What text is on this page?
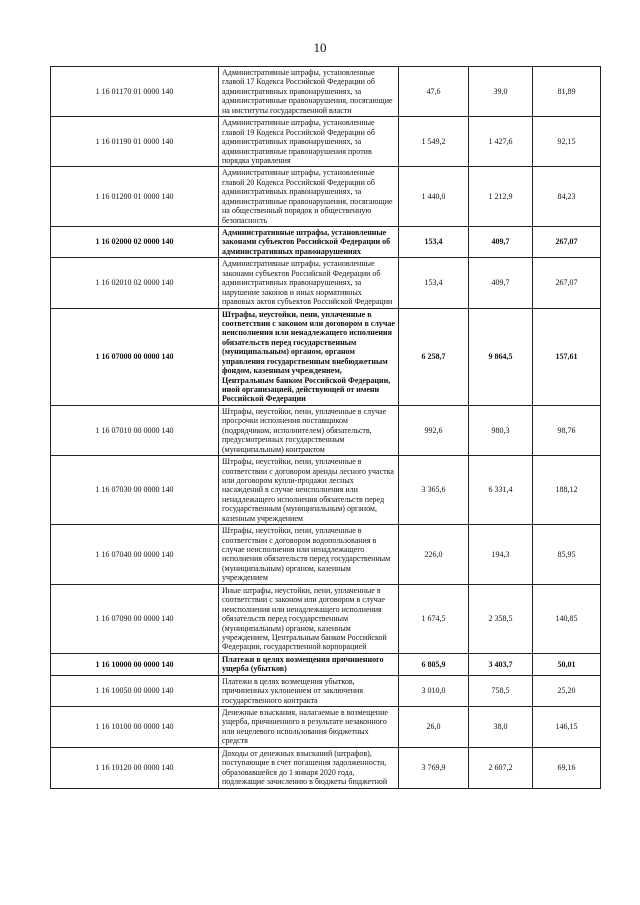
10
1 16 01170 01 0000 140	Административные штрафы, установленные главой 17 Кодекса Российской Федерации об административных правонарушениях, за административные правонарушения, посягающие на институты государственной власти	47,6	39,0	81,89
1 16 01190 01 0000 140	Административные штрафы, установленные главой 19 Кодекса Российской Федерации об административных правонарушениях, за административные правонарушения против порядка управления	1 549,2	1 427,6	92,15
1 16 01200 01 0000 140	Административные штрафы, установленные главой 20 Кодекса Российской Федерации об административных правонарушениях, за административные правонарушения, посягающие на общественный порядок и общественную безопасность	1 440,0	1 212,9	84,23
1 16 02000 02 0000 140	Административные штрафы, установленные законами субъектов Российской Федерации об административных правонарушениях	153,4	409,7	267,07
1 16 02010 02 0000 140	Административные штрафы, установленные законами субъектов Российской Федерации об административных правонарушениях, за нарушение законов и иных нормативных правовых актов субъектов Российской Федерации	153,4	409,7	267,07
1 16 07000 00 0000 140	Штрафы, неустойки, пени, уплаченные в соответствии с законом или договором в случае неисполнения или ненадлежащего исполнения обязательств перед государственным (муниципальным) органом, органом управления государственным внебюджетным фондом, казенным учреждением, Центральным банком Российской Федерации, иной организацией, действующей от имени Российской Федерации	6 258,7	9 864,5	157,61
1 16 07010 00 0000 140	Штрафы, неустойки, пени, уплаченные в случае просрочки исполнения поставщиком (подрядчиком, исполнителем) обязательств, предусмотренных государственным (муниципальным) контрактом	992,6	980,3	98,76
1 16 07030 00 0000 140	Штрафы, неустойки, пени, уплаченные в соответствии с договором аренды лесного участка или договором купли-продажи лесных насаждений в случае неисполнения или ненадлежащего исполнения обязательств перед государственным (муниципальным) органом, казенным учреждением	3 365,6	6 331,4	188,12
1 16 07040 00 0000 140	Штрафы, неустойки, пени, уплаченные в соответствии с договором водопользования в случае неисполнения или ненадлежащего исполнения обязательств перед государственным (муниципальным) органом, казенным учреждением	226,0	194,3	85,95
1 16 07090 00 0000 140	Иные штрафы, неустойки, пени, уплаченные в соответствии с законом или договором в случае неисполнения или ненадлежащего исполнения обязательств перед государственным (муниципальным) органом, казенным учреждением, Центральным банком Российской Федерации, государственной корпорацией	1 674,5	2 358,5	140,85
1 16 10000 00 0000 140	Платежи в целях возмещения причиненного ущерба (убытков)	6 805,9	3 403,7	50,01
1 16 10050 00 0000 140	Платежи в целях возмещения убытков, причиненных уклонением от заключения государственного контракта	3 010,0	758,5	25,20
1 16 10100 00 0000 140	Денежные взыскания, налагаемые в возмещение ущерба, причиненного в результате незаконного или нецелевого использования бюджетных средств	26,0	38,0	146,15
1 16 10120 00 0000 140	Доходы от денежных взысканий (штрафов), поступающие в счет погашения задолженности, образовавшейся до 1 января 2020 года, подлежащие зачислению в бюджеты бюджетной	3 769,9	2 607,2	69,16
